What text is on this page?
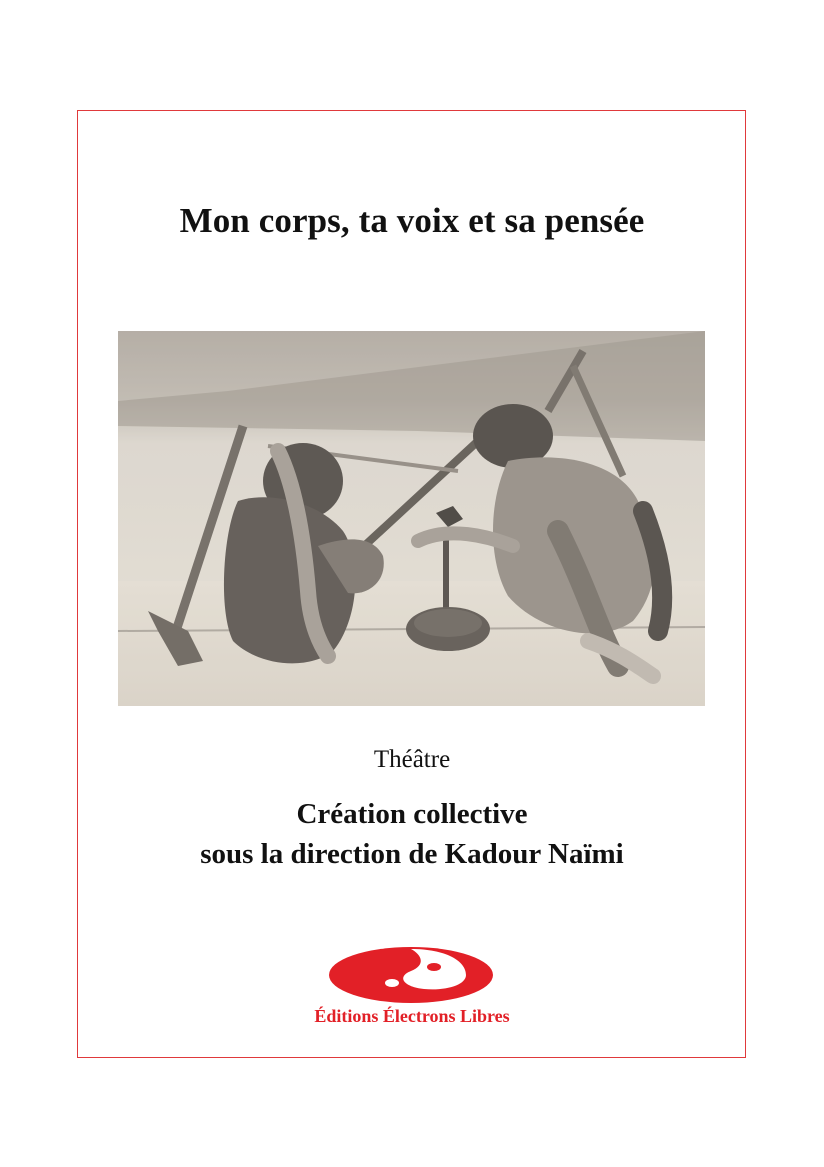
Mon corps, ta voix et sa pensée
Théâtre
Création collective
sous la direction de Kadour Naïmi
Éditions Électrons Libres
